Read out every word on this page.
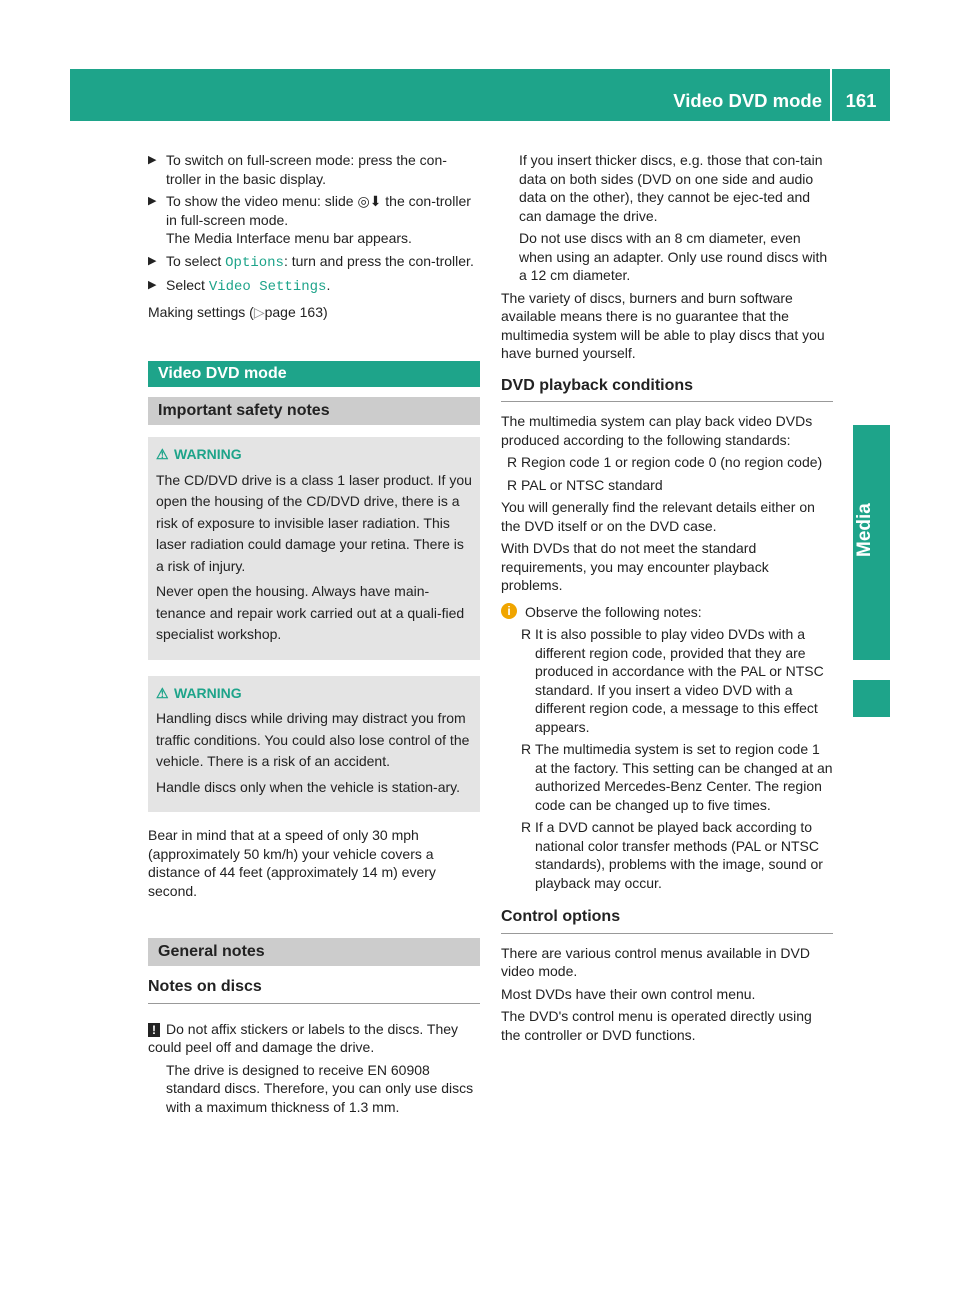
Video DVD mode	161
Media
▶ To switch on full-screen mode: press the con-troller in the basic display.
▶ To show the video menu: slide ◎⬇ the con-troller in full-screen mode.
The Media Interface menu bar appears.
▶ To select Options: turn and press the con-troller.
▶ Select Video Settings.

Making settings (▷page 163)

Video DVD mode
Important safety notes
⚠ WARNING

The CD/DVD drive is a class 1 laser product. If you open the housing of the CD/DVD drive, there is a risk of exposure to invisible laser radiation. This laser radiation could damage your retina. There is a risk of injury.

Never open the housing. Always have main-tenance and repair work carried out at a quali-fied specialist workshop.

⚠ WARNING

Handling discs while driving may distract you from traffic conditions. You could also lose control of the vehicle. There is a risk of an accident.

Handle discs only when the vehicle is station-ary.

Bear in mind that at a speed of only 30 mph (approximately 50 km/h) your vehicle covers a distance of 44 feet (approximately 14 m) every second.

General notes
Notes on discs

! Do not affix stickers or labels to the discs. They could peel off and damage the drive.

The drive is designed to receive EN 60908 standard discs. Therefore, you can only use discs with a maximum thickness of 1.3 mm.

If you insert thicker discs, e.g. those that con-tain data on both sides (DVD on one side and audio data on the other), they cannot be ejec-ted and can damage the drive.

Do not use discs with an 8 cm diameter, even when using an adapter. Only use round discs with a 12 cm diameter.

The variety of discs, burners and burn software available means there is no guarantee that the multimedia system will be able to play discs that you have burned yourself.

DVD playback conditions

The multimedia system can play back video DVDs produced according to the following standards:

R Region code 1 or region code 0 (no region code)
R PAL or NTSC standard

You will generally find the relevant details either on the DVD itself or on the DVD case.

With DVDs that do not meet the standard requirements, you may encounter playback problems.

i	Observe the following notes:
R It is also possible to play video DVDs with a different region code, provided that they are produced in accordance with the PAL or NTSC standard. If you insert a video DVD with a different region code, a message to this effect appears.
R The multimedia system is set to region code 1 at the factory. This setting can be changed at an authorized Mercedes-Benz Center. The region code can be changed up to five times.
R If a DVD cannot be played back according to national color transfer methods (PAL or NTSC standards), problems with the image, sound or playback may occur.
Control options

There are various control menus available in DVD video mode.

Most DVDs have their own control menu.

The DVD's control menu is operated directly using the controller or DVD functions.
